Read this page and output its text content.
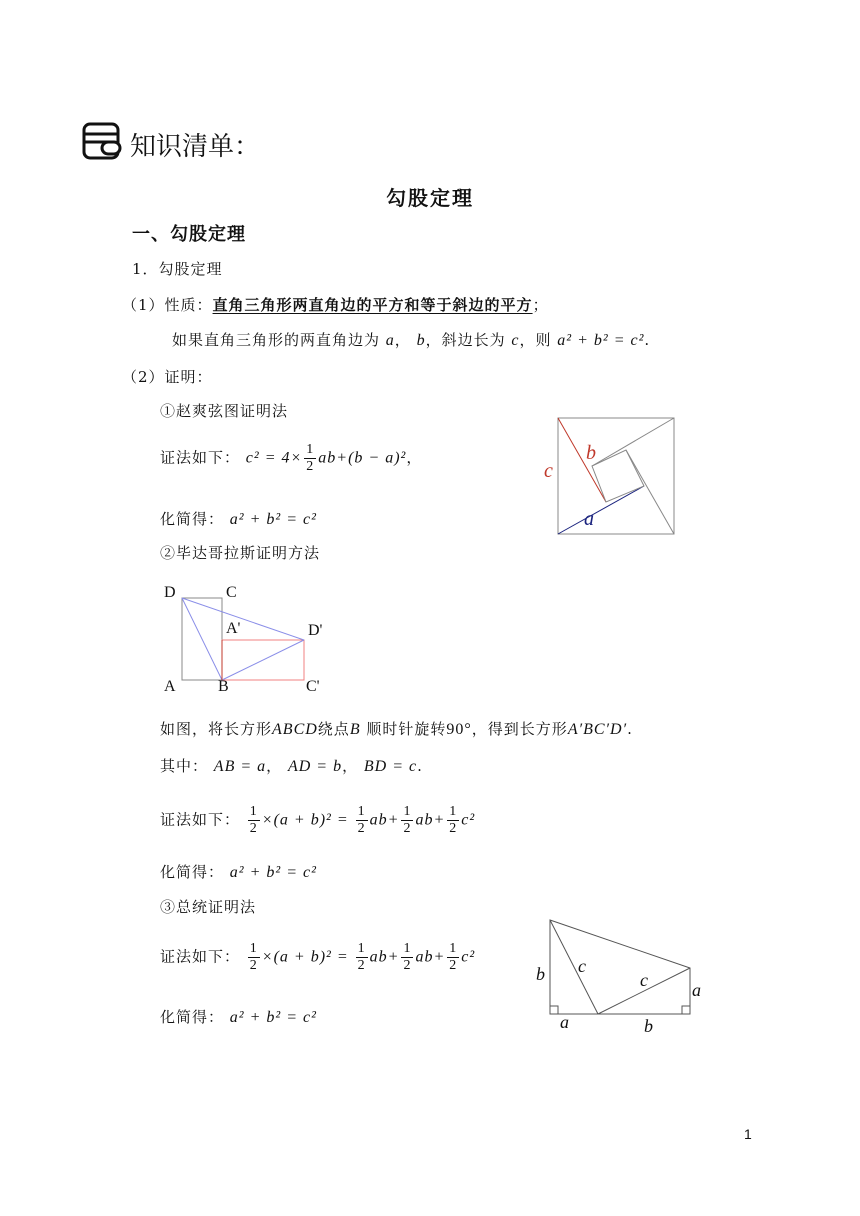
知识清单：
勾股定理
一、勾股定理
1．勾股定理
（1）性质：直角三角形两直角边的平方和等于斜边的平方；
如果直角三角形的两直角边为 a， b，斜边长为 c，则 a² + b² = c².
（2）证明：
①赵爽弦图证明法
证法如下： $c^2 = 4\times \frac{1}{2} ab+(b - a)^2$，
化简得： a² + b² = c²
c
b
a
②毕达哥拉斯证明方法
D	C
A'	D'
A	B	C'
如图，将长方形ABCD绕点B 顺时针旋转90°，得到长方形A′BC′D′.
其中： AB = a， AD = b， BD = c.
证法如下： $\frac{1}{2} \times(a + b)^2 = \frac{1}{2} ab+ \frac{1}{2} ab+ \frac{1}{2} c^2$
化简得： a² + b² = c²
③总统证明法
证法如下： $\frac{1}{2} \times(a + b)^2 = \frac{1}{2} ab+ \frac{1}{2} ab+ \frac{1}{2} c^2$
化简得： a² + b² = c²
b c
c a
a	b
1
